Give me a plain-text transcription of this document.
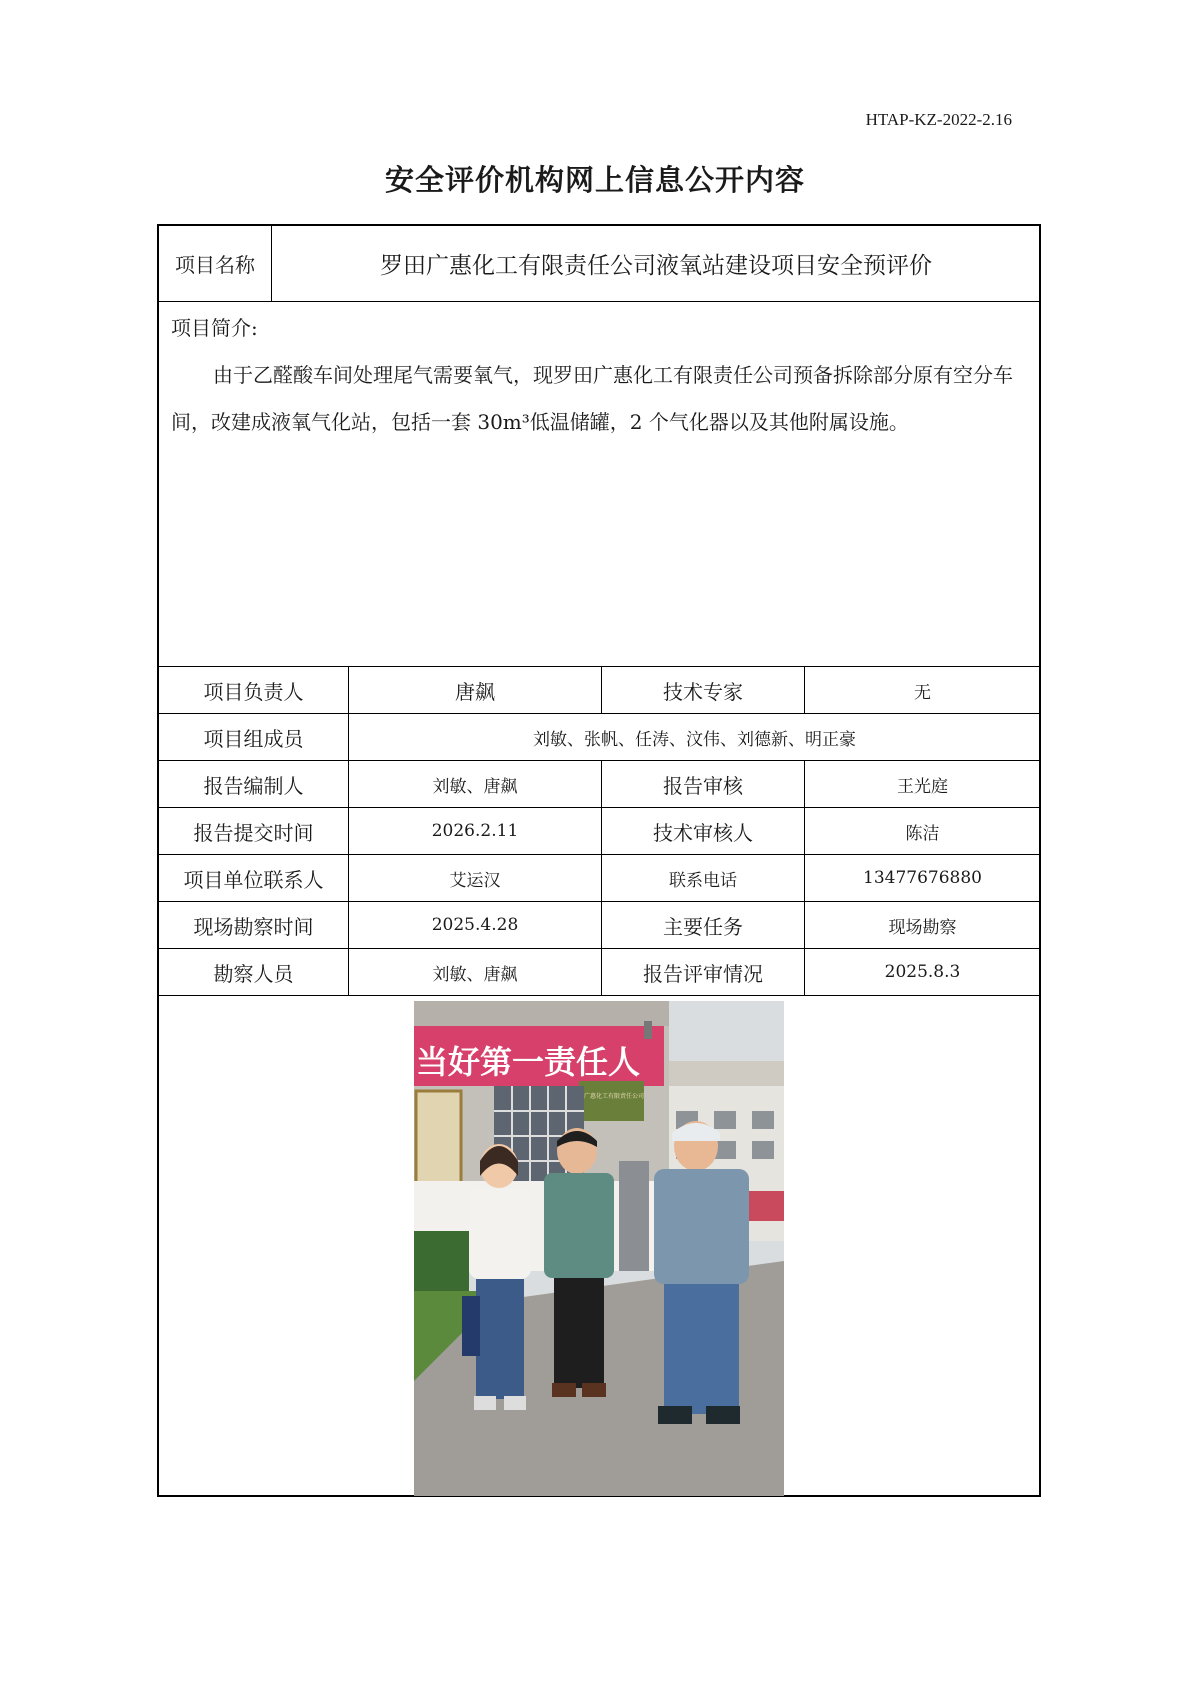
HTAP-KZ-2022-2.16
安全评价机构网上信息公开内容
项目名称	罗田广惠化工有限责任公司液氧站建设项目安全预评价
项目简介:
由于乙醛酸车间处理尾气需要氧气，现罗田广惠化工有限责任公司预备拆除部分原有空分车间，改建成液氧气化站，包括一套 30m³低温储罐，2 个气化器以及其他附属设施。
项目负责人	唐飙	技术专家	无
项目组成员	刘敏、张帆、任涛、汶伟、刘德新、明正豪
报告编制人	刘敏、唐飙	报告审核	王光庭
报告提交时间	2026.2.11	技术审核人	陈洁
项目单位联系人	艾运汉	联系电话	13477676880
现场勘察时间	2025.4.28	主要任务	现场勘察
勘察人员	刘敏、唐飙	报告评审情况	2025.8.3
当好第一责任人
广惠化工有限责任公司
